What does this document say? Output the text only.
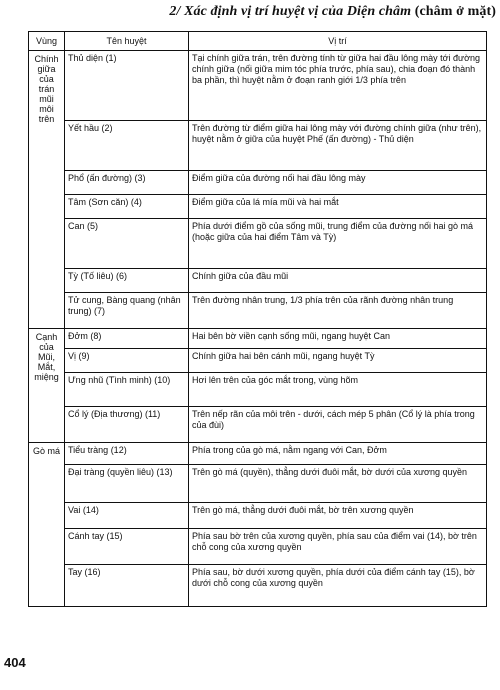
2/ Xác định vị trí huyệt vị của Diện châm (châm ở mặt)
Vùng	Tên huyệt	Vị trí
Chính giữa của trán mũi môi trên	Thủ diện (1)	Tại chính giữa trán, trên đường tính từ giữa hai đầu lông mày tới đường chính giữa (nối giữa mim tóc phía trước, phía sau), chia đoạn đó thành ba phần, thì huyệt nằm ở đoạn ranh giới 1/3 phía trên
	Yết hầu (2)	Trên đường từ điểm giữa hai lông mày với đường chính giữa (như trên), huyệt nằm ở giữa của huyệt Phế (ấn đường) - Thủ diện
	Phổ (ấn đường) (3)	Điểm giữa của đường nối hai đầu lông mày
	Tâm (Sơn căn) (4)	Điểm giữa của lá mía mũi và hai mắt
	Can (5)	Phía dưới điểm gồ của sống mũi, trung điểm của đường nối hai gò má (hoặc giữa của hai điểm Tâm và Tỳ)
	Tỳ (Tố liêu) (6)	Chính giữa của đầu mũi
	Tử cung, Bàng quang (nhân trung) (7)	Trên đường nhân trung, 1/3 phía trên của rãnh đường nhân trung
Cạnh của Mũi, Mắt, miệng	Đởm (8)	Hai bên bờ viền cạnh sống mũi, ngang huyệt Can
	Vị (9)	Chính giữa hai bên cánh mũi, ngang huyệt Tỳ
	Ưng nhũ (Tình minh) (10)	Hơi lên trên của góc mắt trong, vùng hõm
	Cổ lý (Địa thương) (11)	Trên nếp rãn của môi trên - dưới, cách mép 5 phân (Cổ lý là phía trong của đùi)
Gò má	Tiểu tràng (12)	Phía trong của gò má, nằm ngang với Can, Đởm
	Đại tràng (quyền liêu) (13)	Trên gò má (quyền), thẳng dưới đuôi mắt, bờ dưới của xương quyền
	Vai (14)	Trên gò má, thẳng dưới đuôi mắt, bờ trên xương quyền
	Cánh tay (15)	Phía sau bờ trên của xương quyền, phía sau của điểm vai (14), bờ trên chỗ cong của xương quyền
	Tay (16)	Phía sau, bờ dưới xương quyền, phía dưới của điểm cánh tay (15), bờ dưới chỗ cong của xương quyền
404
